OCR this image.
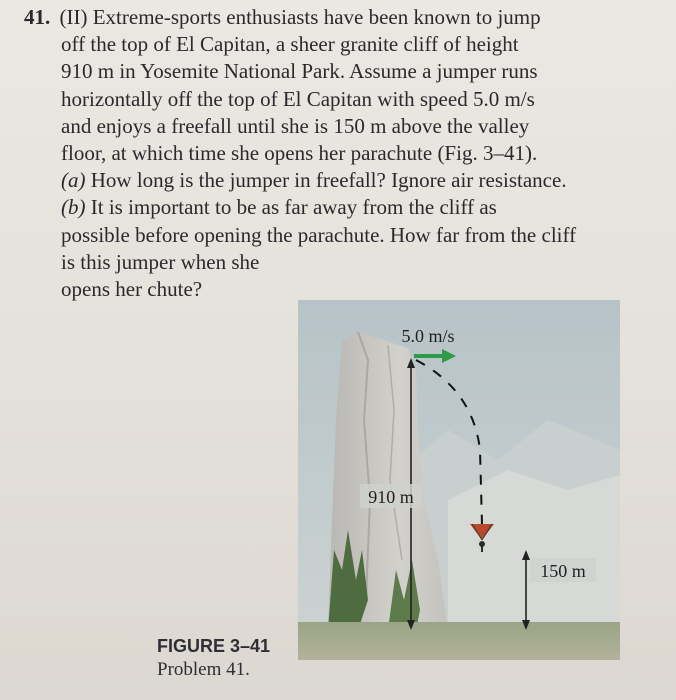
41. (II) Extreme-sports enthusiasts have been known to jump
off the top of El Capitan, a sheer granite cliff of height
910 m in Yosemite National Park. Assume a jumper runs
horizontally off the top of El Capitan with speed 5.0 m/s
and enjoys a freefall until she is 150 m above the valley
floor, at which time she opens her parachute (Fig. 3–41).
(a) How long is the jumper in freefall? Ignore air resistance.
(b) It is important to be as far away from the cliff as
possible before opening the parachute. How far from the cliff
is this jumper when she
opens her chute?
910 m
5.0 m/s
150 m
FIGURE 3–41
Problem 41.
